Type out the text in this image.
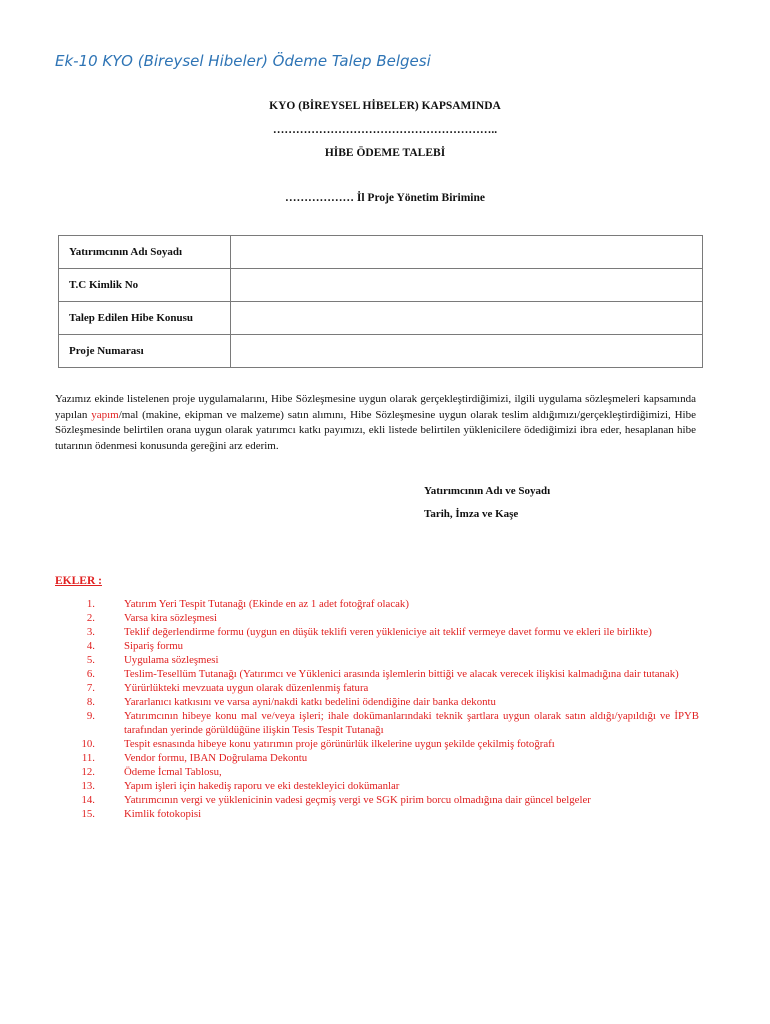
Ek-10 KYO (Bireysel Hibeler) Ödeme Talep Belgesi

KYO (BİREYSEL HİBELER) KAPSAMINDA

…………………………………………………..

HİBE ÖDEME TALEBİ

……………… İl Proje Yönetim Birimine

Yatırımcının Adı Soyadı	
T.C Kimlik No	
Talep Edilen Hibe Konusu	
Proje Numarası	

Yazımız ekinde listelenen proje uygulamalarını, Hibe Sözleşmesine uygun olarak gerçekleştirdiğimizi, ilgili uygulama sözleşmeleri kapsamında yapılan yapım/mal (makine, ekipman ve malzeme) satın alımını, Hibe Sözleşmesine uygun olarak teslim aldığımızı/gerçekleştirdiğimizi, Hibe Sözleşmesinde belirtilen orana uygun olarak yatırımcı katkı payımızı, ekli listede belirtilen yüklenicilere ödediğimizi ibra eder, hesaplanan hibe tutarının ödenmesi konusunda gereğini arz ederim.

Yatırımcının Adı ve Soyadı

Tarih, İmza ve Kaşe

EKLER :

1.	Yatırım Yeri Tespit Tutanağı (Ekinde en az 1 adet fotoğraf olacak)
2.	Varsa kira sözleşmesi
3.	Teklif değerlendirme formu (uygun en düşük teklifi veren yükleniciye ait teklif vermeye davet formu ve ekleri ile birlikte)
4.	Sipariş formu
5.	Uygulama sözleşmesi
6.	Teslim-Tesellüm Tutanağı (Yatırımcı ve Yüklenici arasında işlemlerin bittiği ve alacak verecek ilişkisi kalmadığına dair tutanak)
7.	Yürürlükteki mevzuata uygun olarak düzenlenmiş fatura
8.	Yararlanıcı katkısını ve varsa ayni/nakdi katkı bedelini ödendiğine dair banka dekontu
9.	Yatırımcının hibeye konu mal ve/veya işleri; ihale dokümanlarındaki teknik şartlara uygun olarak satın aldığı/yapıldığı ve İPYB tarafından yerinde görüldüğüne ilişkin Tesis Tespit Tutanağı
10.	Tespit esnasında hibeye konu yatırımın proje görünürlük ilkelerine uygun şekilde çekilmiş fotoğrafı
11.	Vendor formu, IBAN Doğrulama Dekontu
12.	Ödeme İcmal Tablosu,
13.	Yapım işleri için hakediş raporu ve eki destekleyici dokümanlar
14.	Yatırımcının vergi ve yüklenicinin vadesi geçmiş vergi ve SGK pirim borcu olmadığına dair güncel belgeler
15.	Kimlik fotokopisi
